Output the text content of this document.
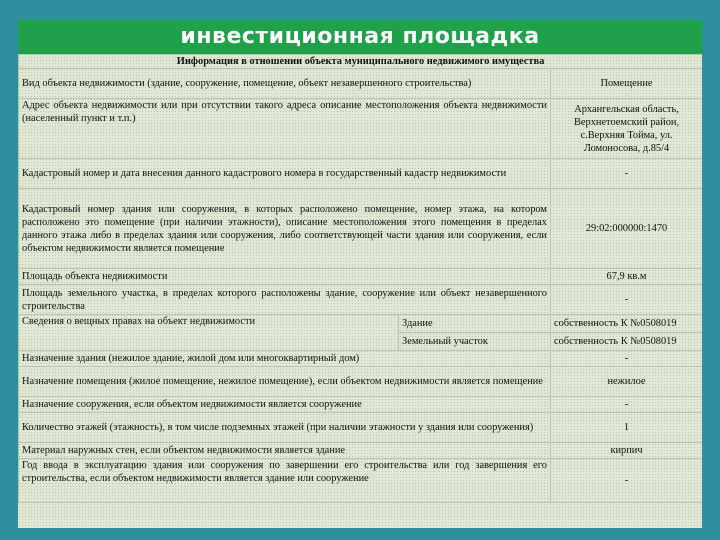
инвестиционная площадка
Информация в отношении объекта муниципального недвижимого имущества		
Вид объекта недвижимости (здание, сооружение, помещение, объект незавершенного строительства)		Помещение
Адрес объекта недвижимости или при отсутствии такого адреса описание местоположения объекта недвижимости (населенный пункт и т.п.)		Архангельская область, Верхнетоемский район, с.Верхняя Тойма, ул. Ломоносова, д.85/4
Кадастровый номер и дата внесения данного кадастрового номера в государственный кадастр недвижимости		-
Кадастровый номер здания или сооружения, в которых расположено помещение, номер этажа, на котором расположено это помещение (при наличии этажности), описание местоположения этого помещения в пределах данного этажа либо в пределах здания или сооружения, либо соответствующей части здания или сооружения, если объектом недвижимости является помещение		29:02:000000:1470
Площадь объекта недвижимости		67,9 кв.м
Площадь земельного участка, в пределах которого расположены здание, сооружение или объект незавершенного строительства		-
Сведения о вещных правах на объект недвижимости	Здание	собственность К №0508019
	Земельный участок	собственность К №0508019
Назначение здания (нежилое здание, жилой дом или многоквартирный дом)		-
Назначение помещения (жилое помещение, нежилое помещение), если объектом недвижимости является помещение		нежилое
Назначение сооружения, если объектом недвижимости является сооружение		-
Количество этажей (этажность), в том числе подземных этажей (при наличии этажности у здания или сооружения)		1
Материал наружных стен, если объектом недвижимости является здание		кирпич
Год ввода в эксплуатацию здания или сооружения по завершении его строительства или год завершения его строительства, если объектом недвижимости является здание или сооружение		-
